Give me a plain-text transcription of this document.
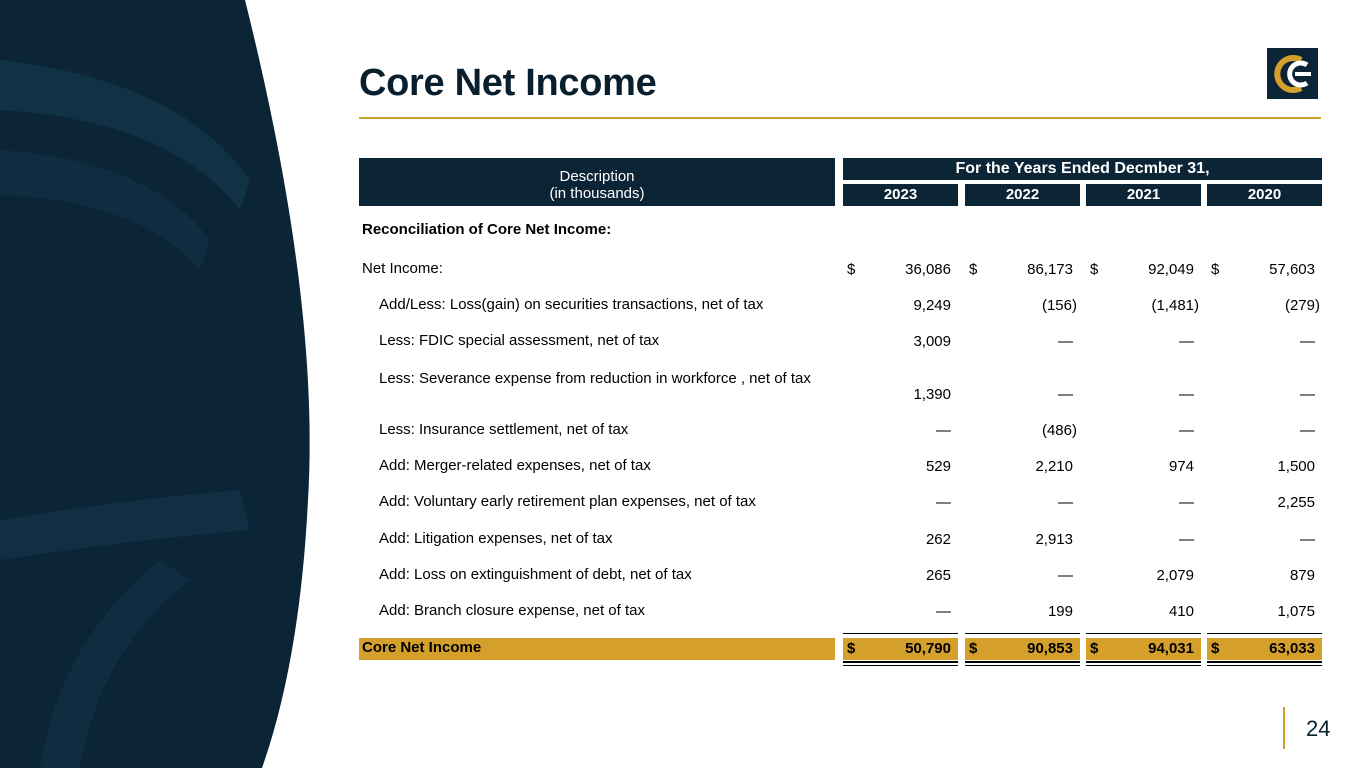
Core Net Income
Description
(in thousands)
For the Years Ended Decmber 31,
2023	2022	2021	2020
Reconciliation of Core Net Income:
Net Income:	$	36,086 $	86,173 $	92,049 $	57,603
Add/Less: Loss(gain) on securities transactions, net of tax	9,249	(156)	(1,481)	(279)
Less: FDIC special assessment, net of tax	3,009	—	—	—
Less: Severance expense from reduction in workforce , net of tax
1,390	—	—	—
Less: Insurance settlement, net of tax	—	(486)	—	—
Add: Merger-related expenses, net of tax	529	2,210	974	1,500
Add: Voluntary early retirement plan expenses, net of tax	—	—	—	2,255
Add: Litigation expenses, net of tax	262	2,913	—	—
Add: Loss on extinguishment of debt, net of tax	265	—	2,079	879
Add: Branch closure expense, net of tax	—	199	410	1,075
Core Net Income	$	50,790 $	90,853 $	94,031 $	63,033
24
